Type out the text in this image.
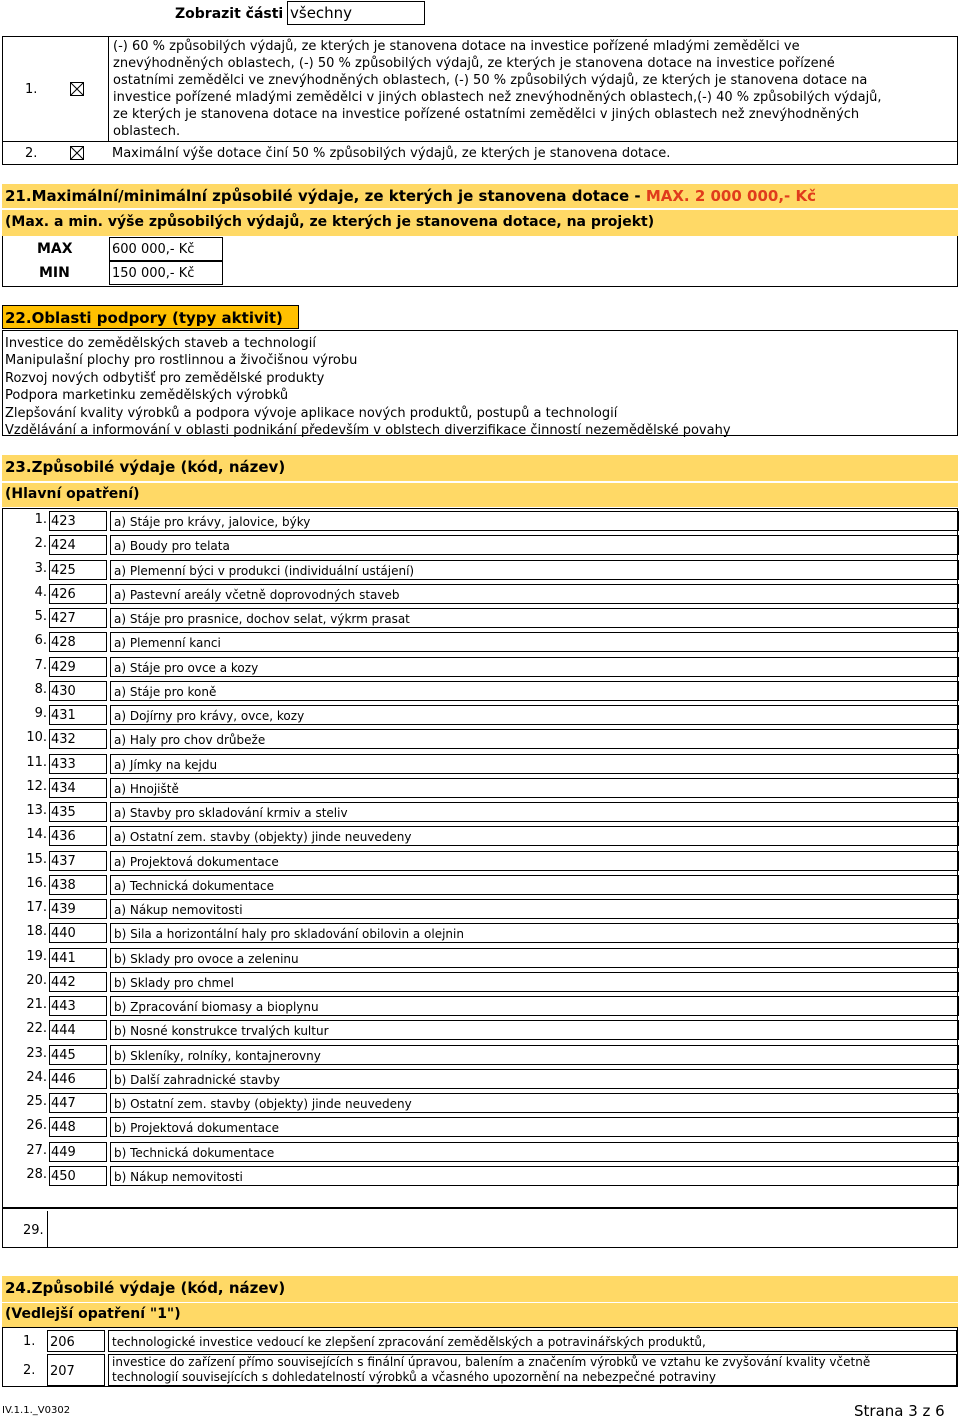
Zobrazit části všechny
1.
(-) 60 % způsobilých výdajů, ze kterých je stanovena dotace na investice pořízené mladými zemědělci ve
znevýhodněných oblastech, (-) 50 % způsobilých výdajů, ze kterých je stanovena dotace na investice pořízené
ostatními zemědělci ve znevýhodněných oblastech, (-) 50 % způsobilých výdajů, ze kterých je stanovena dotace na
investice pořízené mladými zemědělci v jiných oblastech než znevýhodněných oblastech,(-) 40 % způsobilých výdajů,
ze kterých je stanovena dotace na investice pořízené ostatními zemědělci v jiných oblastech než znevýhodněných
oblastech.
2.	Maximální výše dotace činí 50 % způsobilých výdajů, ze kterých je stanovena dotace.
21.Maximální/minimální způsobilé výdaje, ze kterých je stanovena dotace - MAX. 2 000 000,- Kč
(Max. a min. výše způsobilých výdajů, ze kterých je stanovena dotace, na projekt)
MAX	600 000,- Kč
MIN	150 000,- Kč
22.Oblasti podpory (typy aktivit)
Investice do zemědělských staveb a technologií
Manipulašní plochy pro rostlinnou a živočišnou výrobu
Rozvoj nových odbytišť pro zemědělské produkty
Podpora marketinku zemědělských výrobků
Zlepšování kvality výrobků a podpora vývoje aplikace nových produktů, postupů a technologií
Vzdělávání a informování v oblasti podnikání především v oblstech diverzifikace činností nezemědělské povahy
23.Způsobilé výdaje (kód, název)
(Hlavní opatření)
1. 423	a) Stáje pro krávy, jalovice, býky
2. 424	a) Boudy pro telata
3. 425	a) Plemenní býci v produkci (individuální ustájení)
4. 426	a) Pastevní areály včetně doprovodných staveb
5. 427	a) Stáje pro prasnice, dochov selat, výkrm prasat
6. 428	a) Plemenní kanci
7. 429	a) Stáje pro ovce a kozy
8. 430	a) Stáje pro koně
9. 431	a) Dojírny pro krávy, ovce, kozy
10. 432	a) Haly pro chov drůbeže
11. 433	a) Jímky na kejdu
12. 434	a) Hnojiště
13. 435	a) Stavby pro skladování krmiv a steliv
14. 436	a) Ostatní zem. stavby (objekty) jinde neuvedeny
15. 437	a) Projektová dokumentace
16. 438	a) Technická dokumentace
17. 439	a) Nákup nemovitosti
18. 440	b) Sila a horizontální haly pro skladování obilovin a olejnin
19. 441	b) Sklady pro ovoce a zeleninu
20. 442	b) Sklady pro chmel
21. 443	b) Zpracování biomasy a bioplynu
22. 444	b) Nosné konstrukce trvalých kultur
23. 445	b) Skleníky, rolníky, kontajnerovny
24. 446	b) Další zahradnické stavby
25. 447	b) Ostatní zem. stavby (objekty) jinde neuvedeny
26. 448	b) Projektová dokumentace
27. 449	b) Technická dokumentace
28. 450	b) Nákup nemovitosti
29.
24.Způsobilé výdaje (kód, název)
(Vedlejší opatření "1")
1. 206	technologické investice vedoucí ke zlepšení zpracování zemědělských a potravinářských produktů,
2. 207
investice do zařízení přímo souvisejících s finální úpravou, balením a značením výrobků ve vztahu ke zvyšování kvality včetně
technologií souvisejících s dohledatelností výrobků a včasného upozornění na nebezpečné potraviny
IV.1.1._V0302	Strana 3 z 6
